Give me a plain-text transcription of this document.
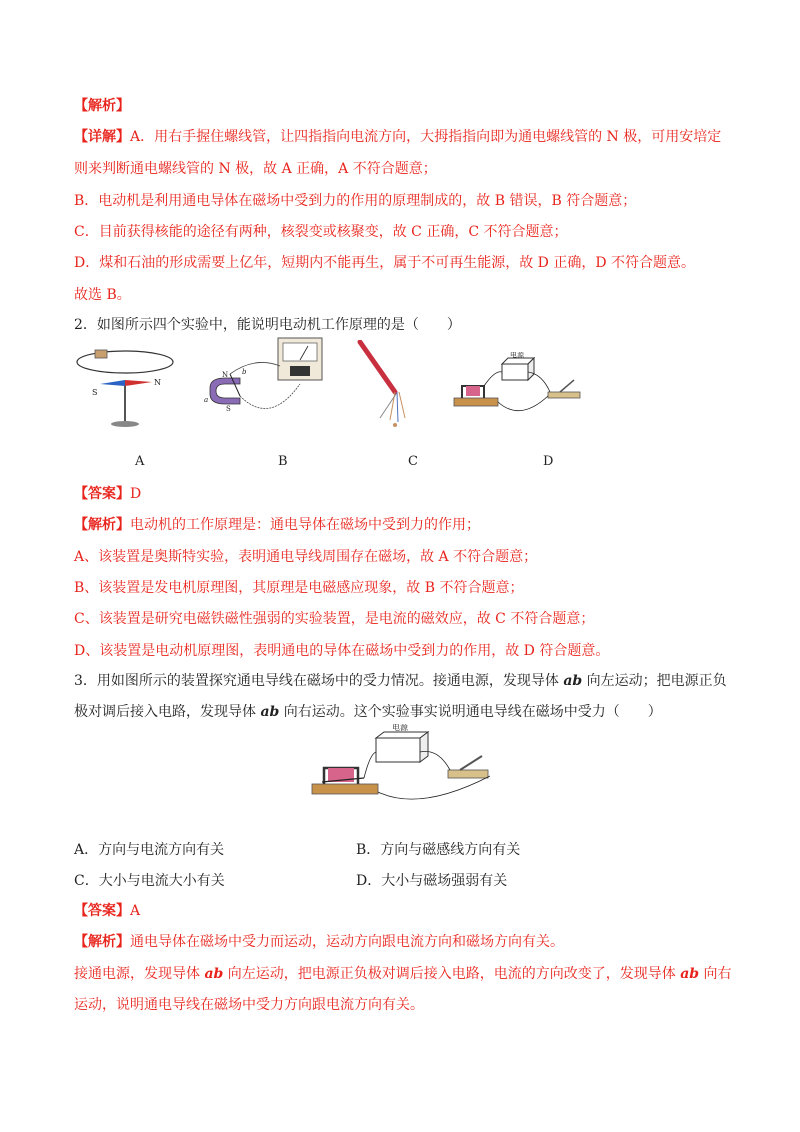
【解析】
【详解】A．用右手握住螺线管，让四指指向电流方向，大拇指指向即为通电螺线管的 N 极，可用安培定
则来判断通电螺线管的 N 极，故 A 正确，A 不符合题意；
B．电动机是利用通电导体在磁场中受到力的作用的原理制成的，故 B 错误，B 符合题意；
C．目前获得核能的途径有两种，核裂变或核聚变，故 C 正确，C 不符合题意；
D．煤和石油的形成需要上亿年，短期内不能再生，属于不可再生能源，故 D 正确，D 不符合题意。
故选 B。
2．如图所示四个实验中，能说明电动机工作原理的是（　　）
S
N
N
S
a
b
电源
A	B	C	D
【答案】D
【解析】电动机的工作原理是：通电导体在磁场中受到力的作用；
A、该装置是奥斯特实验，表明通电导线周围存在磁场，故 A 不符合题意；
B、该装置是发电机原理图，其原理是电磁感应现象，故 B 不符合题意；
C、该装置是研究电磁铁磁性强弱的实验装置，是电流的磁效应，故 C 不符合题意；
D、该装置是电动机原理图，表明通电的导体在磁场中受到力的作用，故 D 符合题意。
3．用如图所示的装置探究通电导线在磁场中的受力情况。接通电源，发现导体 ab 向左运动；把电源正负
极对调后接入电路，发现导体 ab 向右运动。这个实验事实说明通电导线在磁场中受力（　　）
电源
A．方向与电流方向有关	B．方向与磁感线方向有关
C．大小与电流大小有关	D．大小与磁场强弱有关
【答案】A
【解析】通电导体在磁场中受力而运动，运动方向跟电流方向和磁场方向有关。
接通电源，发现导体 ab 向左运动，把电源正负极对调后接入电路，电流的方向改变了，发现导体 ab 向右
运动，说明通电导线在磁场中受力方向跟电流方向有关。
